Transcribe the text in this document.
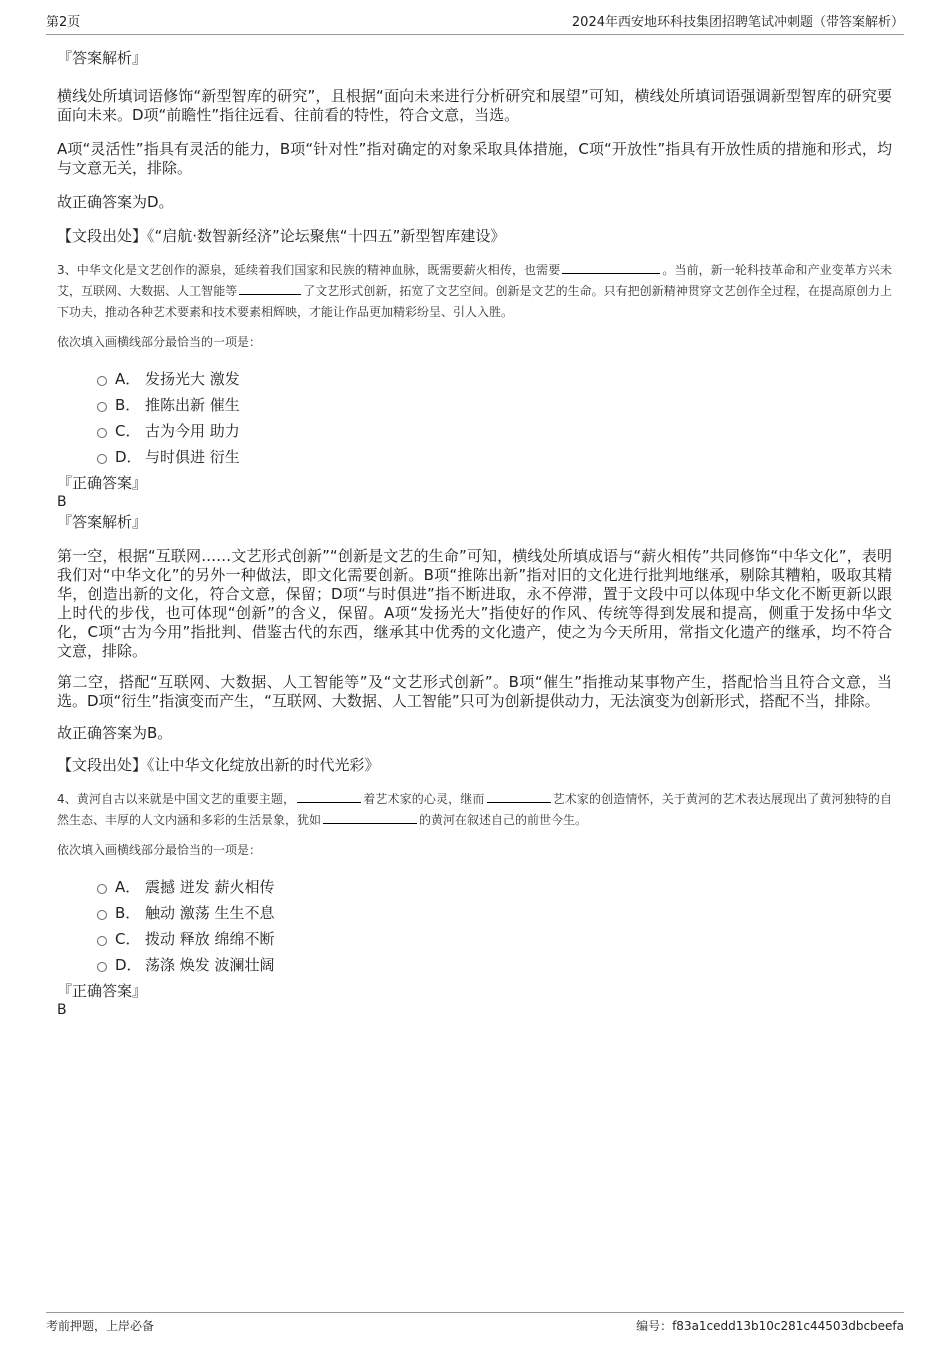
第2页	2024年西安地环科技集团招聘笔试冲刺题（带答案解析）
『答案解析』

横线处所填词语修饰“新型智库的研究”，且根据“面向未来进行分析研究和展望”可知，横线处所填词语强调新型智库的研究要面向未来。D项“前瞻性”指往远看、往前看的特性，符合文意，当选。

A项“灵活性”指具有灵活的能力，B项“针对性”指对确定的对象采取具体措施，C项“开放性”指具有开放性质的措施和形式，均与文意无关，排除。

故正确答案为D。
【文段出处】《“启航·数智新经济”论坛聚焦“十四五”新型智库建设》

3、中华文化是文艺创作的源泉，延续着我们国家和民族的精神血脉，既需要薪火相传，也需要	。当前，新一轮科技革命和产业变革方兴未艾，互联网、大数据、人工智能等	了文艺形式创新，拓宽了文艺空间。创新是文艺的生命。只有把创新精神贯穿文艺创作全过程，在提高原创力上下功夫，推动各种艺术要素和技术要素相辉映，才能让作品更加精彩纷呈、引人入胜。

依次填入画横线部分最恰当的一项是：
A． 发扬光大 激发
B． 推陈出新 催生
C． 古为今用 助力
D． 与时俱进 衍生
『正确答案』
B
『答案解析』

第一空，根据“互联网……文艺形式创新”“创新是文艺的生命”可知，横线处所填成语与“薪火相传”共同修饰“中华文化”，表明我们对“中华文化”的另外一种做法，即文化需要创新。B项“推陈出新”指对旧的文化进行批判地继承，剔除其糟粕，吸取其精华，创造出新的文化，符合文意，保留；D项“与时俱进”指不断进取，永不停滞，置于文段中可以体现中华文化不断更新以跟上时代的步伐，也可体现“创新”的含义，保留。A项“发扬光大”指使好的作风、传统等得到发展和提高，侧重于发扬中华文化，C项“古为今用”指批判、借鉴古代的东西，继承其中优秀的文化遗产，使之为今天所用，常指文化遗产的继承，均不符合文意，排除。

第二空，搭配“互联网、大数据、人工智能等”及“文艺形式创新”。B项“催生”指推动某事物产生，搭配恰当且符合文意，当选。D项“衍生”指演变而产生，“互联网、大数据、人工智能”只可为创新提供动力，无法演变为创新形式，搭配不当，排除。

故正确答案为B。
【文段出处】《让中华文化绽放出新的时代光彩》

4、黄河自古以来就是中国文艺的重要主题，	着艺术家的心灵，继而	艺术家的创造情怀，关于黄河的艺术表达展现出了黄河独特的自然生态、丰厚的人文内涵和多彩的生活景象，犹如	的黄河在叙述自己的前世今生。

依次填入画横线部分最恰当的一项是：
A． 震撼 迸发 薪火相传
B． 触动 激荡 生生不息
C． 拨动 释放 绵绵不断
D． 荡涤 焕发 波澜壮阔
『正确答案』
B
考前押题，上岸必备	编号：f83a1cedd13b10c281c44503dbcbeefa
